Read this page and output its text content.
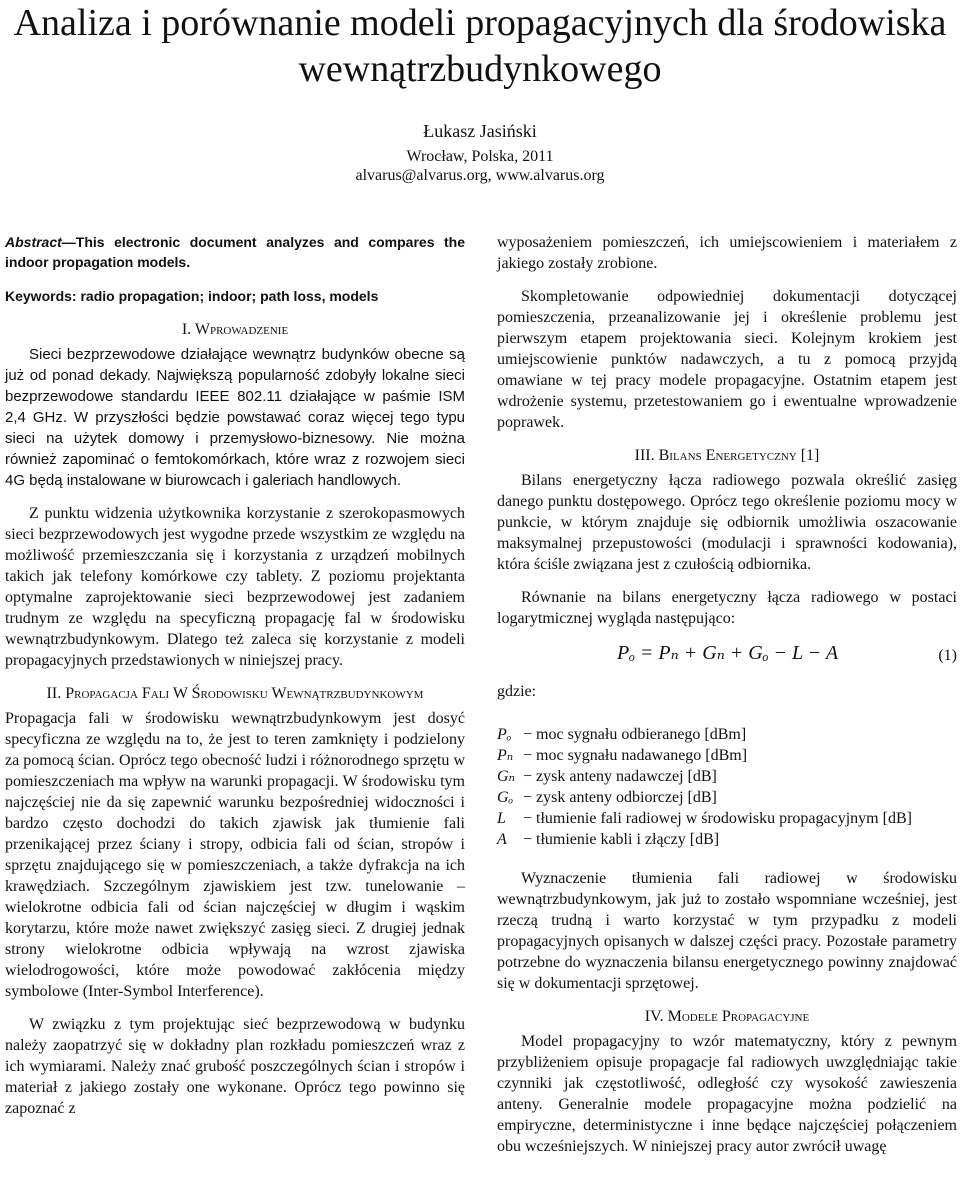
Analiza i porównanie modeli propagacyjnych dla środowiska wewnątrzbudynkowego
Łukasz Jasiński
Wrocław, Polska, 2011
alvarus@alvarus.org, www.alvarus.org
Abstract—This electronic document analyzes and compares the indoor propagation models.
Keywords: radio propagation; indoor; path loss, models
I. Wprowadzenie

Sieci bezprzewodowe działające wewnątrz budynków obecne są już od ponad dekady. Największą popularność zdobyły lokalne sieci bezprzewodowe standardu IEEE 802.11 działające w paśmie ISM 2,4 GHz. W przyszłości będzie powstawać coraz więcej tego typu sieci na użytek domowy i przemysłowo-biznesowy. Nie można również zapominać o femtokomórkach, które wraz z rozwojem sieci 4G będą instalowane w biurowcach i galeriach handlowych.

Z punktu widzenia użytkownika korzystanie z szerokopasmowych sieci bezprzewodowych jest wygodne przede wszystkim ze względu na możliwość przemieszczania się i korzystania z urządzeń mobilnych takich jak telefony komórkowe czy tablety. Z poziomu projektanta optymalne zaprojektowanie sieci bezprzewodowej jest zadaniem trudnym ze względu na specyficzną propagację fal w środowisku wewnątrzbudynkowym. Dlatego też zaleca się korzystanie z modeli propagacyjnych przedstawionych w niniejszej pracy.

II. Propagacja Fali W Środowisku Wewnątrzbudynkowym

Propagacja fali w środowisku wewnątrzbudynkowym jest dosyć specyficzna ze względu na to, że jest to teren zamknięty i podzielony za pomocą ścian. Oprócz tego obecność ludzi i różnorodnego sprzętu w pomieszczeniach ma wpływ na warunki propagacji. W środowisku tym najczęściej nie da się zapewnić warunku bezpośredniej widoczności i bardzo często dochodzi do takich zjawisk jak tłumienie fali przenikającej przez ściany i stropy, odbicia fali od ścian, stropów i sprzętu znajdującego się w pomieszczeniach, a także dyfrakcja na ich krawędziach. Szczególnym zjawiskiem jest tzw. tunelowanie – wielokrotne odbicia fali od ścian najczęściej w długim i wąskim korytarzu, które może nawet zwiększyć zasięg sieci. Z drugiej jednak strony wielokrotne odbicia wpływają na wzrost zjawiska wielodrogowości, które może powodować zakłócenia między symbolowe (Inter-Symbol Interference).

W związku z tym projektując sieć bezprzewodową w budynku należy zaopatrzyć się w dokładny plan rozkładu pomieszczeń wraz z ich wymiarami. Należy znać grubość poszczególnych ścian i stropów i materiał z jakiego zostały one wykonane. Oprócz tego powinno się zapoznać z

wyposażeniem pomieszczeń, ich umiejscowieniem i materiałem z jakiego zostały zrobione.

Skompletowanie odpowiedniej dokumentacji dotyczącej pomieszczenia, przeanalizowanie jej i określenie problemu jest pierwszym etapem projektowania sieci. Kolejnym krokiem jest umiejscowienie punktów nadawczych, a tu z pomocą przyjdą omawiane w tej pracy modele propagacyjne. Ostatnim etapem jest wdrożenie systemu, przetestowaniem go i ewentualne wprowadzenie poprawek.

III. Bilans Energetyczny [1]

Bilans energetyczny łącza radiowego pozwala określić zasięg danego punktu dostępowego. Oprócz tego określenie poziomu mocy w punkcie, w którym znajduje się odbiornik umożliwia oszacowanie maksymalnej przepustowości (modulacji i sprawności kodowania), która ściśle związana jest z czułością odbiornika.

Równanie na bilans energetyczny łącza radiowego w postaci logarytmicznej wygląda następująco:

Pₒ = Pₙ + Gₙ + Gₒ − L − A	(1)
gdzie:
Pₒ − moc sygnału odbieranego [dBm]
Pₙ − moc sygnału nadawanego [dBm]
Gₙ − zysk anteny nadawczej [dB]
Gₒ − zysk anteny odbiorczej [dB]
L − tłumienie fali radiowej w środowisku propagacyjnym [dB]
A − tłumienie kabli i złączy [dB]

Wyznaczenie tłumienia fali radiowej w środowisku wewnątrzbudynkowym, jak już to zostało wspomniane wcześniej, jest rzeczą trudną i warto korzystać w tym przypadku z modeli propagacyjnych opisanych w dalszej części pracy. Pozostałe parametry potrzebne do wyznaczenia bilansu energetycznego powinny znajdować się w dokumentacji sprzętowej.

IV. Modele Propagacyjne

Model propagacyjny to wzór matematyczny, który z pewnym przybliżeniem opisuje propagacje fal radiowych uwzględniając takie czynniki jak częstotliwość, odległość czy wysokość zawieszenia anteny. Generalnie modele propagacyjne można podzielić na empiryczne, deterministyczne i inne będące najczęściej połączeniem obu wcześniejszych. W niniejszej pracy autor zwrócił uwagę
